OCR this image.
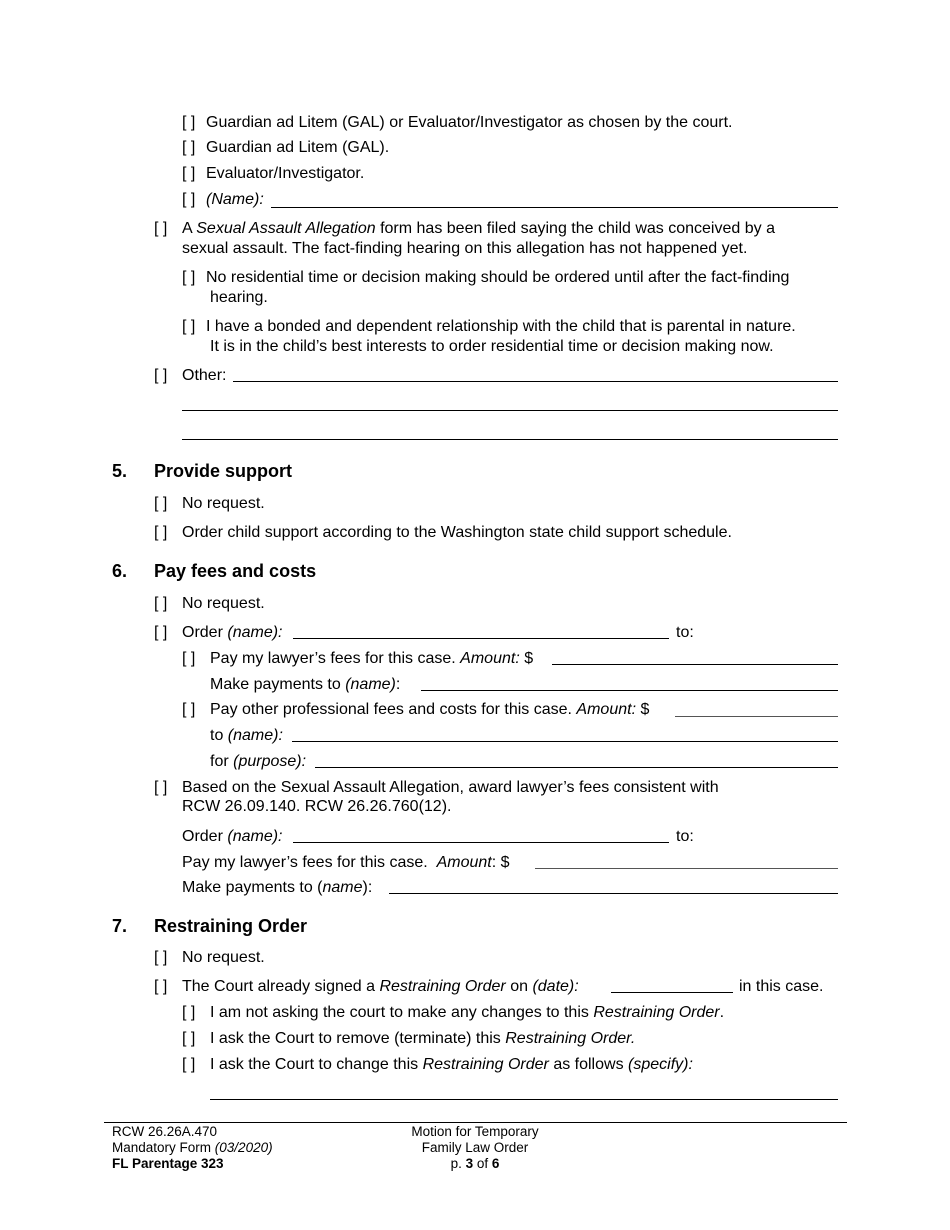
[ ] Guardian ad Litem (GAL) or Evaluator/Investigator as chosen by the court.
[ ] Guardian ad Litem (GAL).
[ ] Evaluator/Investigator.
[ ] (Name):
[ ] A Sexual Assault Allegation form has been filed saying the child was conceived by a
sexual assault. The fact-finding hearing on this allegation has not happened yet.
[ ] No residential time or decision making should be ordered until after the fact-finding
hearing.
[ ] I have a bonded and dependent relationship with the child that is parental in nature.
It is in the child’s best interests to order residential time or decision making now.
[ ] Other:
5. Provide support
[ ] No request.
[ ] Order child support according to the Washington state child support schedule.
6. Pay fees and costs
[ ] No request.
[ ] Order (name):	to:
[ ] Pay my lawyer’s fees for this case. Amount: $
Make payments to (name):
[ ] Pay other professional fees and costs for this case. Amount: $
to (name):
for (purpose):
[ ] Based on the Sexual Assault Allegation, award lawyer’s fees consistent with
RCW 26.09.140. RCW 26.26.760(12).
Order (name):	to:
Pay my lawyer’s fees for this case. Amount: $
Make payments to (name):
7. Restraining Order
[ ] No request.
[ ] The Court already signed a Restraining Order on (date):	in this case.
[ ] I am not asking the court to make any changes to this Restraining Order.
[ ] I ask the Court to remove (terminate) this Restraining Order.
[ ] I ask the Court to change this Restraining Order as follows (specify):
RCW 26.26A.470
Mandatory Form (03/2020)
FL Parentage 323
Motion for Temporary
Family Law Order
p. 3 of 6
